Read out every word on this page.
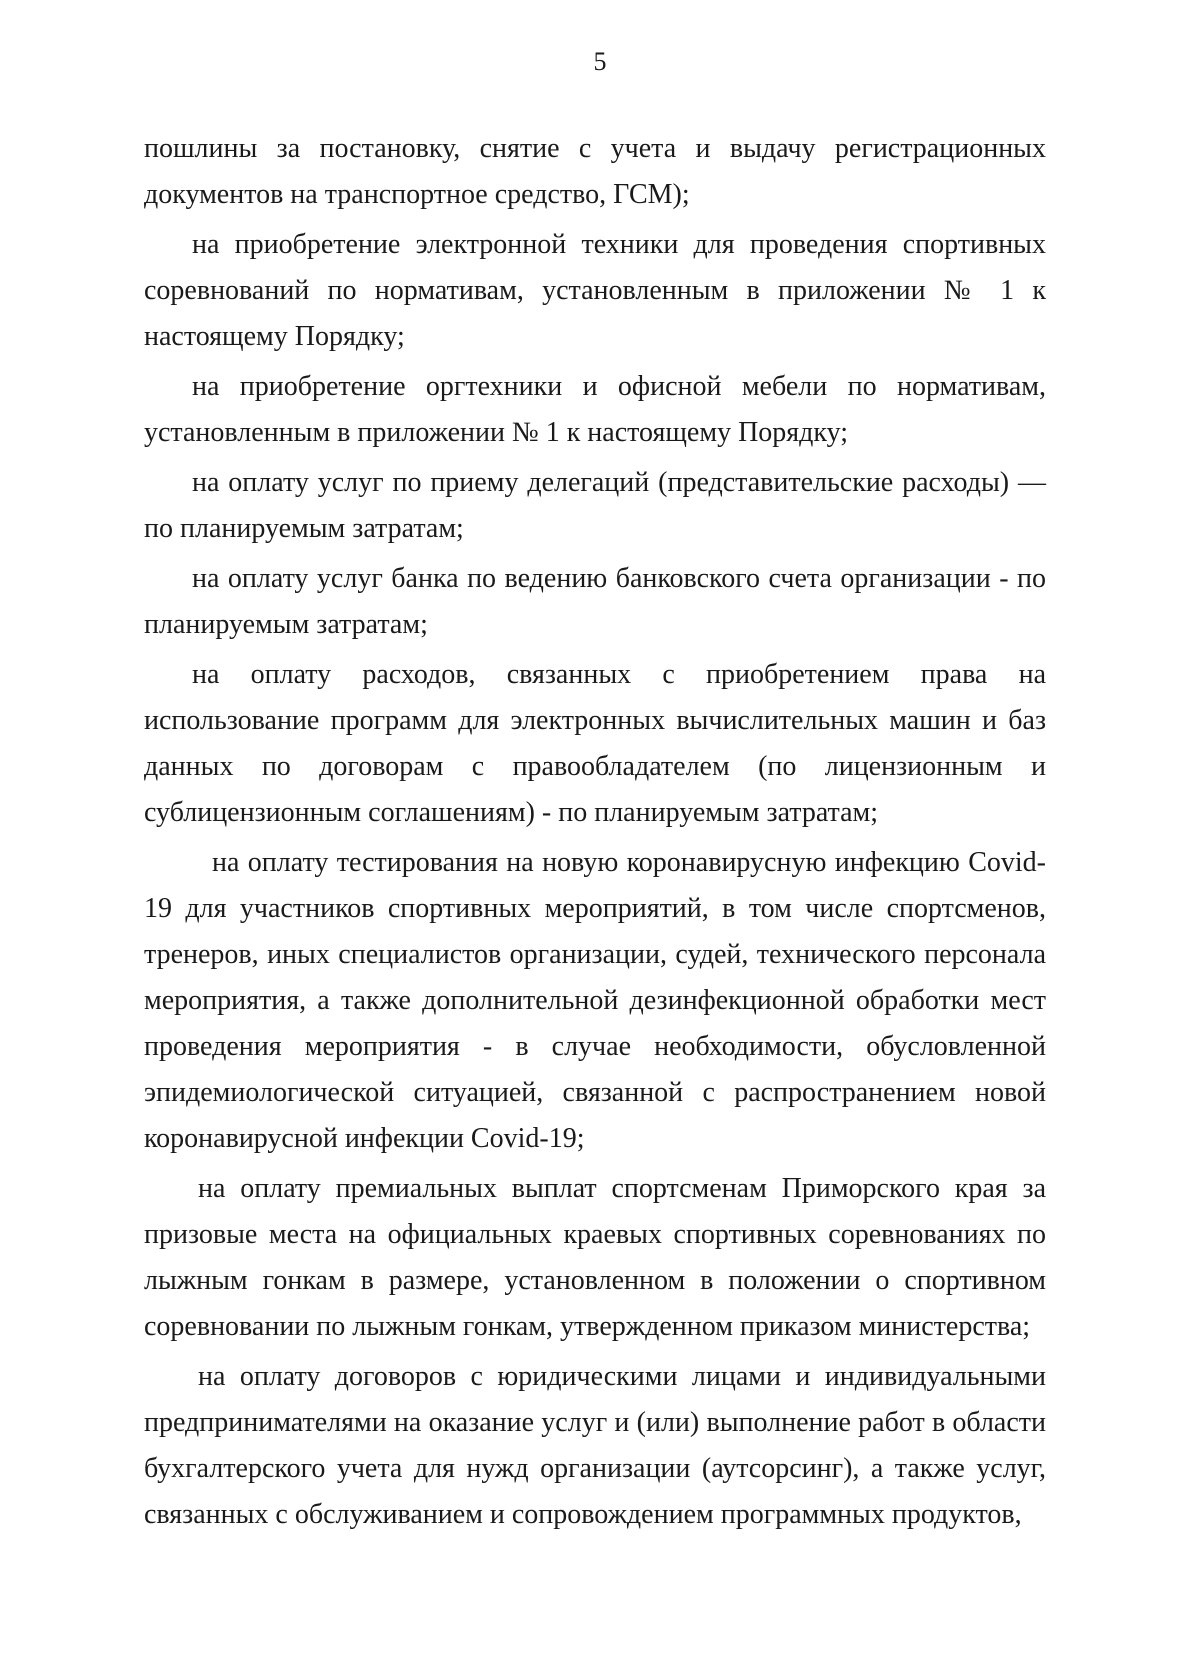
5

пошлины за постановку, снятие с учета и выдачу регистрационных документов на транспортное средство, ГСМ);

на приобретение электронной техники для проведения спортивных соревнований по нормативам, установленным в приложении № 1 к настоящему Порядку;

на приобретение оргтехники и офисной мебели по нормативам, установленным в приложении № 1 к настоящему Порядку;

на оплату услуг по приему делегаций (представительские расходы) — по планируемым затратам;

на оплату услуг банка по ведению банковского счета организации - по планируемым затратам;

на оплату расходов, связанных с приобретением права на использование программ для электронных вычислительных машин и баз данных по договорам с правообладателем (по лицензионным и сублицензионным соглашениям) - по планируемым затратам;

на оплату тестирования на новую коронавирусную инфекцию Covid-19 для участников спортивных мероприятий, в том числе спортсменов, тренеров, иных специалистов организации, судей, технического персонала мероприятия, а также дополнительной дезинфекционной обработки мест проведения мероприятия - в случае необходимости, обусловленной эпидемиологической ситуацией, связанной с распространением новой коронавирусной инфекции Covid-19;

на оплату премиальных выплат спортсменам Приморского края за призовые места на официальных краевых спортивных соревнованиях по лыжным гонкам в размере, установленном в положении о спортивном соревновании по лыжным гонкам, утвержденном приказом министерства;

на оплату договоров с юридическими лицами и индивидуальными предпринимателями на оказание услуг и (или) выполнение работ в области бухгалтерского учета для нужд организации (аутсорсинг), а также услуг, связанных с обслуживанием и сопровождением программных продуктов,
